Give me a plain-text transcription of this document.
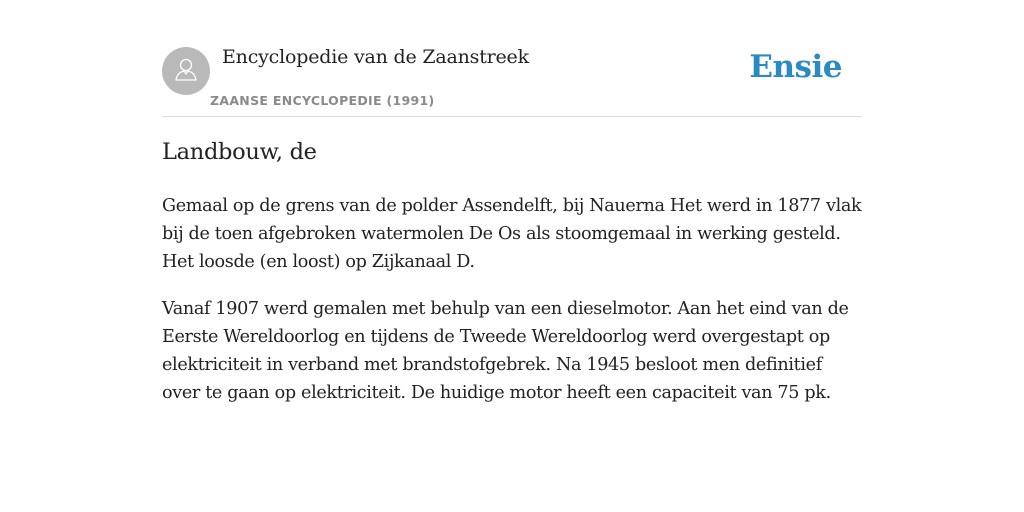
Encyclopedie van de Zaanstreek
ZAANSE ENCYCLOPEDIE (1991)
Ensie
Landbouw, de

Gemaal op de grens van de polder Assendelft, bij Nauerna Het werd in 1877 vlak bij de toen afgebroken watermolen De Os als stoomgemaal in werking gesteld. Het loosde (en loost) op Zijkanaal D.

Vanaf 1907 werd gemalen met behulp van een dieselmotor. Aan het eind van de Eerste Wereldoorlog en tijdens de Tweede Wereldoorlog werd overgestapt op elektriciteit in verband met brandstofgebrek. Na 1945 besloot men definitief over te gaan op elektriciteit. De huidige motor heeft een capaciteit van 75 pk.
